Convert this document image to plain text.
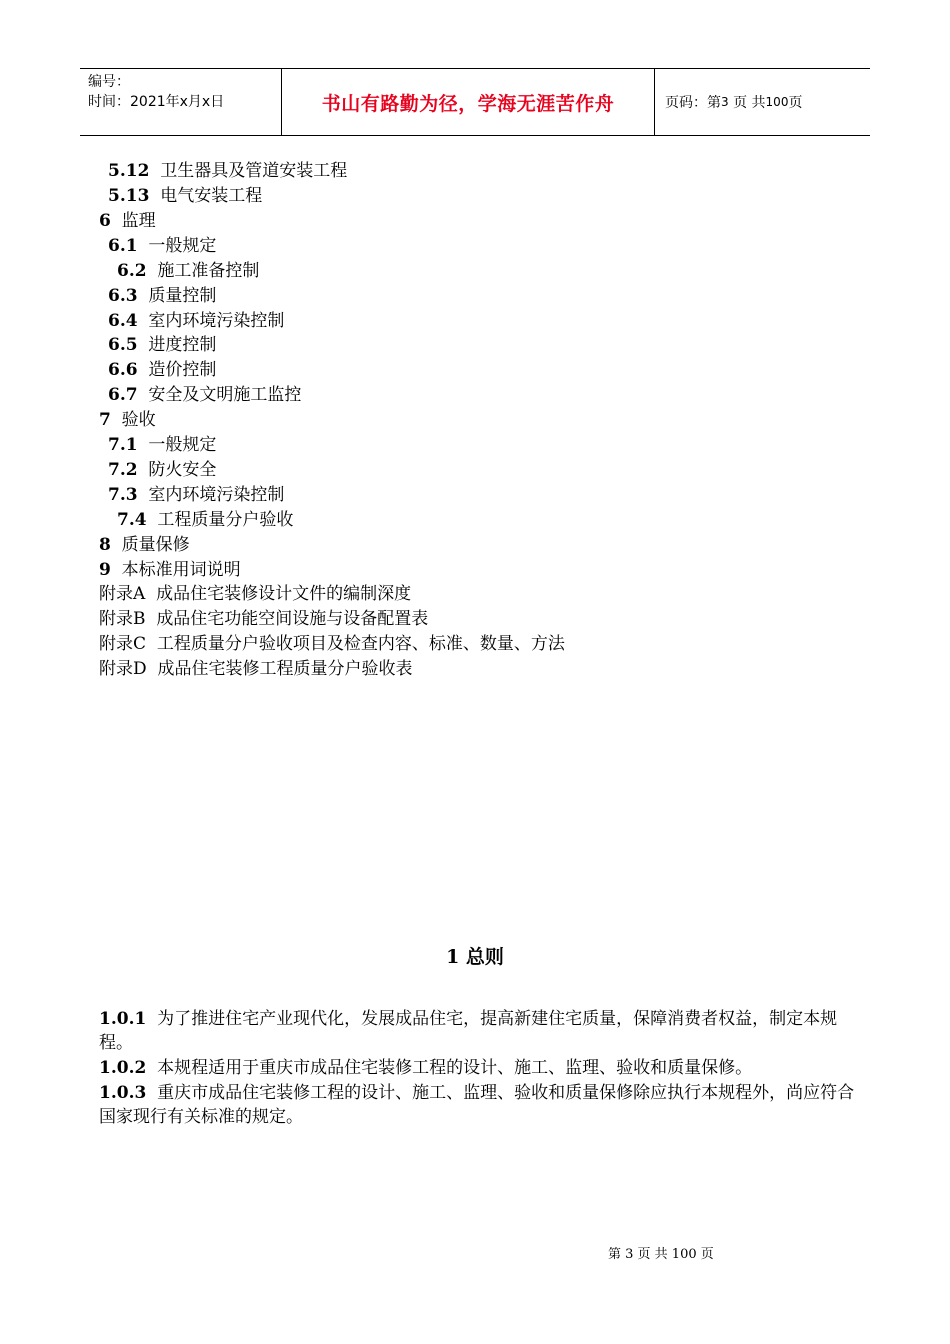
编号：
时间：2021年x月x日	书山有路勤为径，学海无涯苦作舟	页码：第 3
页 共 100 页
5.12 卫生器具及管道安装工程
5.13 电气安装工程
6 监理
6.1 一般规定
6.2 施工准备控制
6.3 质量控制
6.4 室内环境污染控制
6.5 进度控制
6.6 造价控制
6.7 安全及文明施工监控
7 验收
7.1 一般规定
7.2 防火安全
7.3 室内环境污染控制
7.4 工程质量分户验收
8 质量保修
9 本标准用词说明
附录A 成品住宅装修设计文件的编制深度
附录B 成品住宅功能空间设施与设备配置表
附录C 工程质量分户验收项目及检查内容、标准、数量、方法
附录D 成品住宅装修工程质量分户验收表
1 总则
1.0.1 为了推进住宅产业现代化，发展成品住宅，提高新建住宅质量，保障消费者权益，制定本规程。
1.0.2 本规程适用于重庆市成品住宅装修工程的设计、施工、监理、验收和质量保修。
1.0.3 重庆市成品住宅装修工程的设计、施工、监理、验收和质量保修除应执行本规程外，尚应符合国家现行有关标准的规定。
第 3 页 共 100 页
